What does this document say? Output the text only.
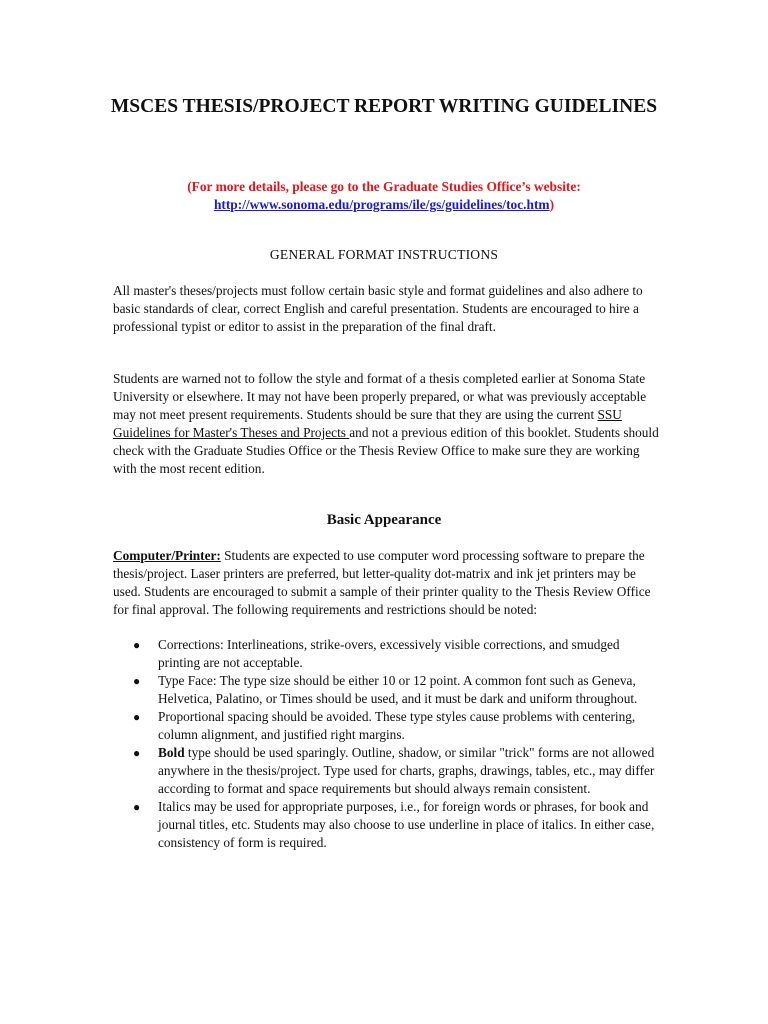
MSCES THESIS/PROJECT REPORT WRITING GUIDELINES
(For more details, please go to the Graduate Studies Office’s website:
http://www.sonoma.edu/programs/ile/gs/guidelines/toc.htm)
GENERAL FORMAT INSTRUCTIONS
All master's theses/projects must follow certain basic style and format guidelines and also adhere to basic standards of clear, correct English and careful presentation. Students are encouraged to hire a professional typist or editor to assist in the preparation of the final draft.
Students are warned not to follow the style and format of a thesis completed earlier at Sonoma State University or elsewhere. It may not have been properly prepared, or what was previously acceptable may not meet present requirements. Students should be sure that they are using the current SSU Guidelines for Master's Theses and Projects and not a previous edition of this booklet. Students should check with the Graduate Studies Office or the Thesis Review Office to make sure they are working with the most recent edition.
Basic Appearance
Computer/Printer: Students are expected to use computer word processing software to prepare the thesis/project. Laser printers are preferred, but letter-quality dot-matrix and ink jet printers may be used. Students are encouraged to submit a sample of their printer quality to the Thesis Review Office for final approval. The following requirements and restrictions should be noted:
● Corrections: Interlineations, strike-overs, excessively visible corrections, and smudged printing are not acceptable.
● Type Face: The type size should be either 10 or 12 point. A common font such as Geneva, Helvetica, Palatino, or Times should be used, and it must be dark and uniform throughout.
● Proportional spacing should be avoided. These type styles cause problems with centering, column alignment, and justified right margins.
● Bold type should be used sparingly. Outline, shadow, or similar "trick" forms are not allowed anywhere in the thesis/project. Type used for charts, graphs, drawings, tables, etc., may differ according to format and space requirements but should always remain consistent.
● Italics may be used for appropriate purposes, i.e., for foreign words or phrases, for book and journal titles, etc. Students may also choose to use underline in place of italics. In either case, consistency of form is required.
